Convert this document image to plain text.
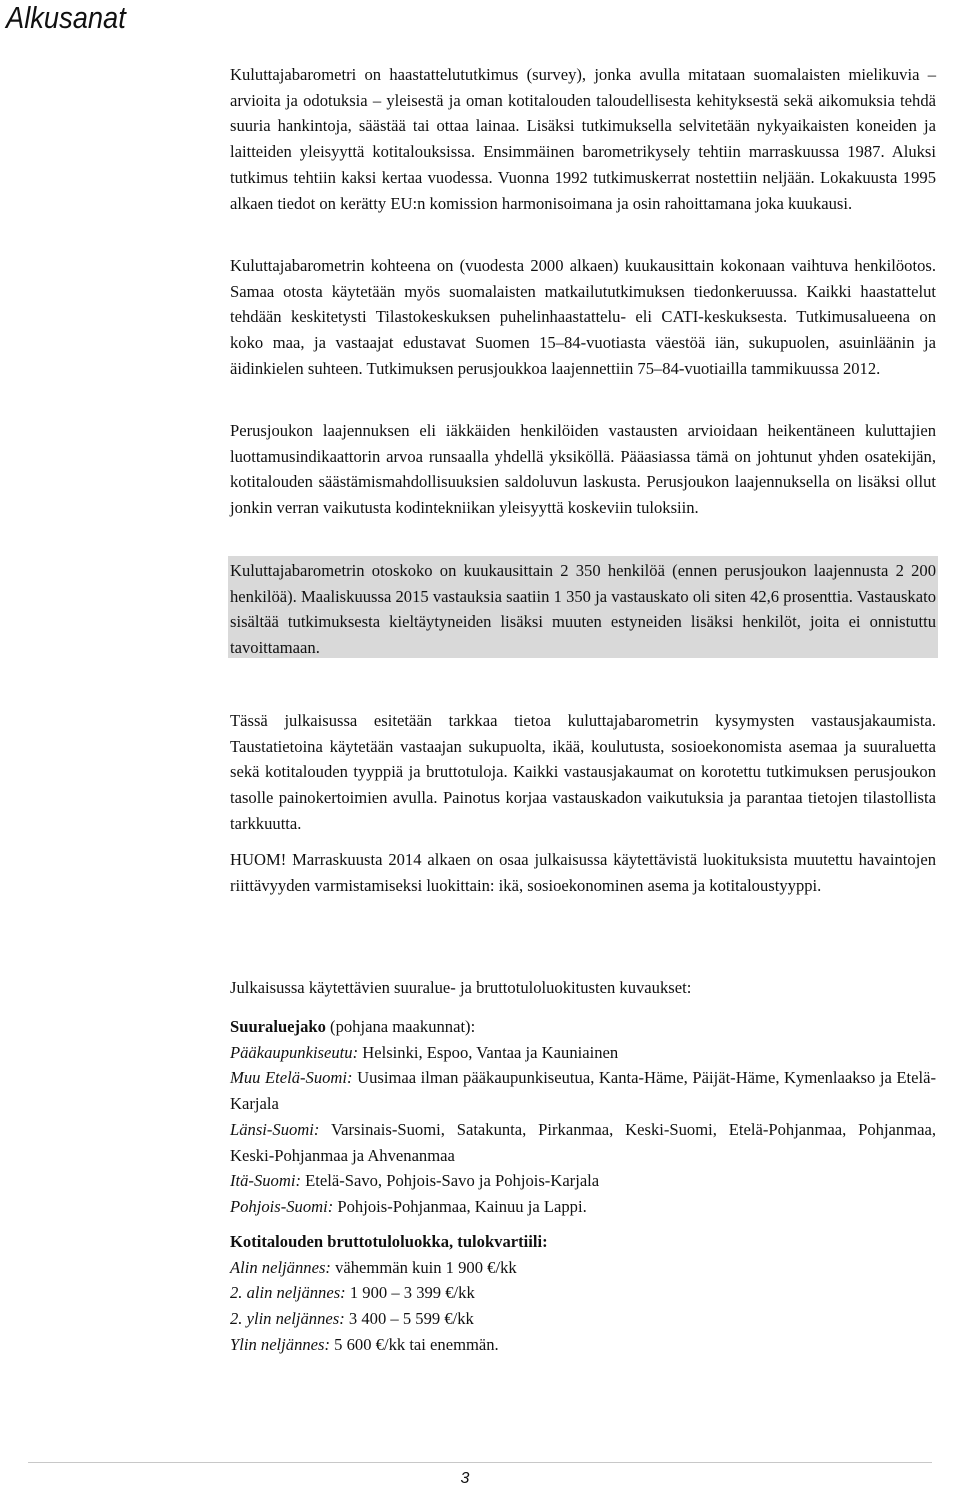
Alkusanat

Kuluttajabarometri on haastattelututkimus (survey), jonka avulla mitataan suomalaisten mielikuvia – arvioita ja odotuksia – yleisestä ja oman kotitalouden taloudellisesta kehityksestä sekä aikomuksia tehdä suuria hankintoja, säästää tai ottaa lainaa. Lisäksi tutkimuksella selvitetään nykyaikaisten koneiden ja laitteiden yleisyyttä kotitalouksissa. Ensimmäinen barometrikysely tehtiin marraskuussa 1987. Aluksi tutkimus tehtiin kaksi kertaa vuodessa. Vuonna 1992 tutkimuskerrat nostettiin neljään. Lokakuusta 1995 alkaen tiedot on kerätty EU:n komission harmonisoimana ja osin rahoittamana joka kuukausi.

Kuluttajabarometrin kohteena on (vuodesta 2000 alkaen) kuukausittain kokonaan vaihtuva henkilöotos. Samaa otosta käytetään myös suomalaisten matkailututkimuksen tiedonkeruussa. Kaikki haastattelut tehdään keskitetysti Tilastokeskuksen puhelinhaastattelu- eli CATI-keskuksesta. Tutkimusalueena on koko maa, ja vastaajat edustavat Suomen 15–84-vuotiasta väestöä iän, sukupuolen, asuinläänin ja äidinkielen suhteen. Tutkimuksen perusjoukkoa laajennettiin 75–84-vuotiailla tammikuussa 2012.

Perusjoukon laajennuksen eli iäkkäiden henkilöiden vastausten arvioidaan heikentäneen kuluttajien luottamusindikaattorin arvoa runsaalla yhdellä yksiköllä. Pääasiassa tämä on johtunut yhden osatekijän, kotitalouden säästämismahdollisuuksien saldoluvun laskusta. Perusjoukon laajennuksella on lisäksi ollut jonkin verran vaikutusta kodintekniikan yleisyyttä koskeviin tuloksiin.

Kuluttajabarometrin otoskoko on kuukausittain 2 350 henkilöä (ennen perusjoukon laajennusta 2 200 henkilöä). Maaliskuussa 2015 vastauksia saatiin 1 350 ja vastauskato oli siten 42,6 prosenttia. Vastauskato sisältää tutkimuksesta kieltäytyneiden lisäksi muuten estyneiden lisäksi henkilöt, joita ei onnistuttu tavoittamaan.

Tässä julkaisussa esitetään tarkkaa tietoa kuluttajabarometrin kysymysten vastausjakaumista. Taustatietoina käytetään vastaajan sukupuolta, ikää, koulutusta, sosioekonomista asemaa ja suuraluetta sekä kotitalouden tyyppiä ja bruttotuloja. Kaikki vastausjakaumat on korotettu tutkimuksen perusjoukon tasolle painokertoimien avulla. Painotus korjaa vastauskadon vaikutuksia ja parantaa tietojen tilastollista tarkkuutta.

HUOM! Marraskuusta 2014 alkaen on osaa julkaisussa käytettävistä luokituksista muutettu havaintojen riittävyyden varmistamiseksi luokittain: ikä, sosioekonominen asema ja kotitaloustyyppi.

Julkaisussa käytettävien suuralue- ja bruttotuloluokitusten kuvaukset:

Suuraluejako (pohjana maakunnat):

Pääkaupunkiseutu: Helsinki, Espoo, Vantaa ja Kauniainen

Muu Etelä-Suomi: Uusimaa ilman pääkaupunkiseutua, Kanta-Häme, Päijät-Häme, Kymenlaakso ja Etelä-Karjala

Länsi-Suomi: Varsinais-Suomi, Satakunta, Pirkanmaa, Keski-Suomi, Etelä-Pohjanmaa, Pohjanmaa, Keski-Pohjanmaa ja Ahvenanmaa

Itä-Suomi: Etelä-Savo, Pohjois-Savo ja Pohjois-Karjala

Pohjois-Suomi: Pohjois-Pohjanmaa, Kainuu ja Lappi.

Kotitalouden bruttotuloluokka, tulokvartiili:

Alin neljännes: vähemmän kuin 1 900 €/kk

2. alin neljännes: 1 900 – 3 399 €/kk

2. ylin neljännes: 3 400 – 5 599 €/kk

Ylin neljännes: 5 600 €/kk tai enemmän.

3
